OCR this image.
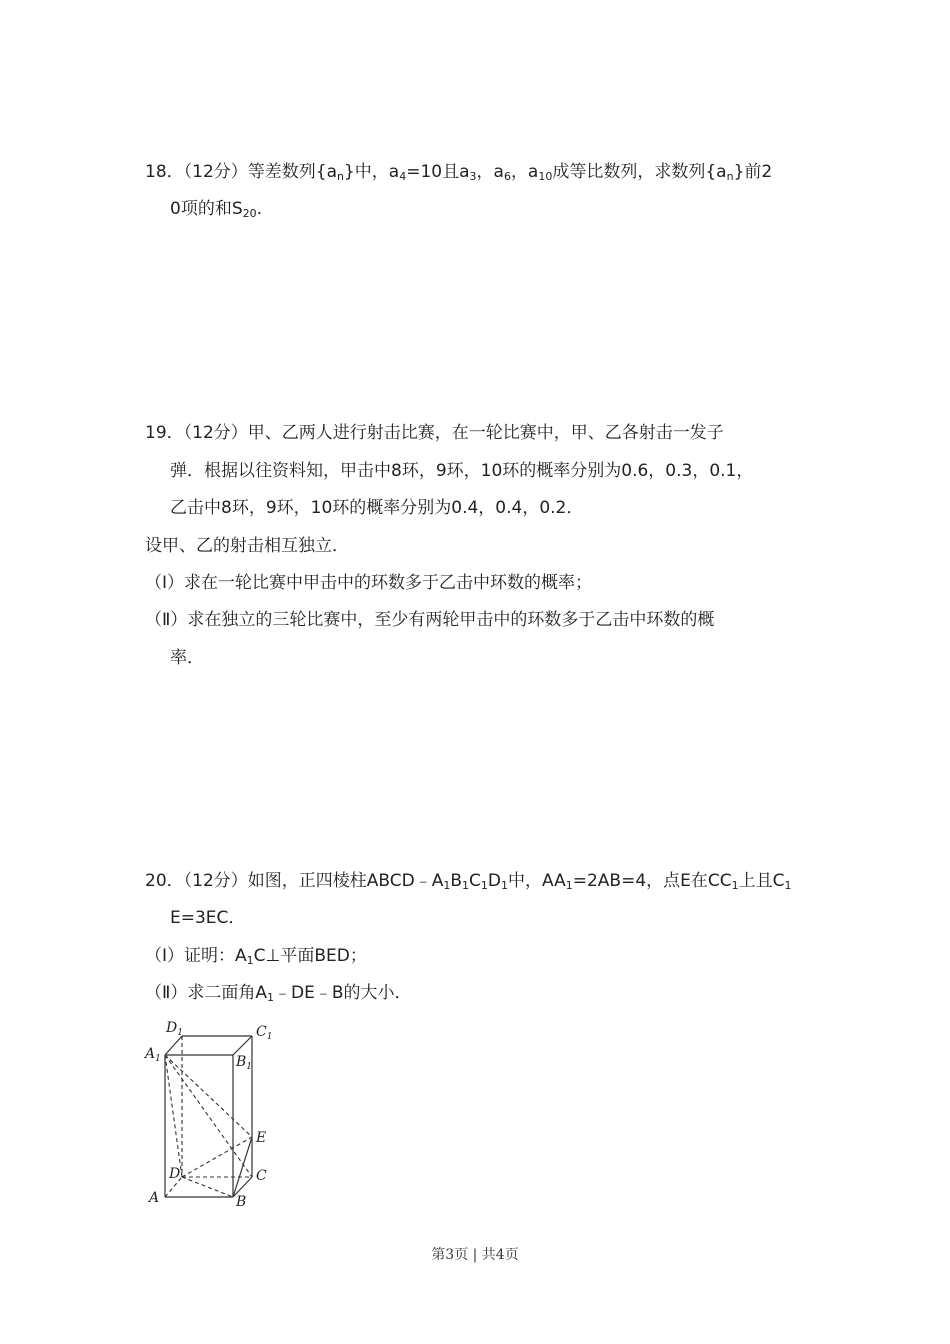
18．（12分）等差数列$\{a_n\}$中，$a_4=10$且$a_3$，$a_6$，$a_{10}$成等比数列，求数列$\{a_n\}$前2
0项的和$S_{20}$.
19．（12分）甲、乙两人进行射击比赛，在一轮比赛中，甲、乙各射击一发子
弹．根据以往资料知，甲击中8环，9环，10环的概率分别为0.6，0.3，0.1，
乙击中8环，9环，10环的概率分别为0.4，0.4，0.2．
设甲、乙的射击相互独立．
（Ⅰ）求在一轮比赛中甲击中的环数多于乙击中环数的概率；
（Ⅱ）求在独立的三轮比赛中，至少有两轮甲击中的环数多于乙击中环数的概
率．
20．（12分）如图，正四棱柱$ABCD﹣A_1B_1C_1D_1$中，$AA_1=2AB=4$，点E在$CC_1$上且$C_1$
E=3EC．
（Ⅰ）证明：$A_1C\perp$平面BED；
（Ⅱ）求二面角$A_1﹣DE﹣B$的大小．
$D_1$	$C_1$
$A_1$	$B_1$
E
D	C
A	B
第3页 | 共4页
